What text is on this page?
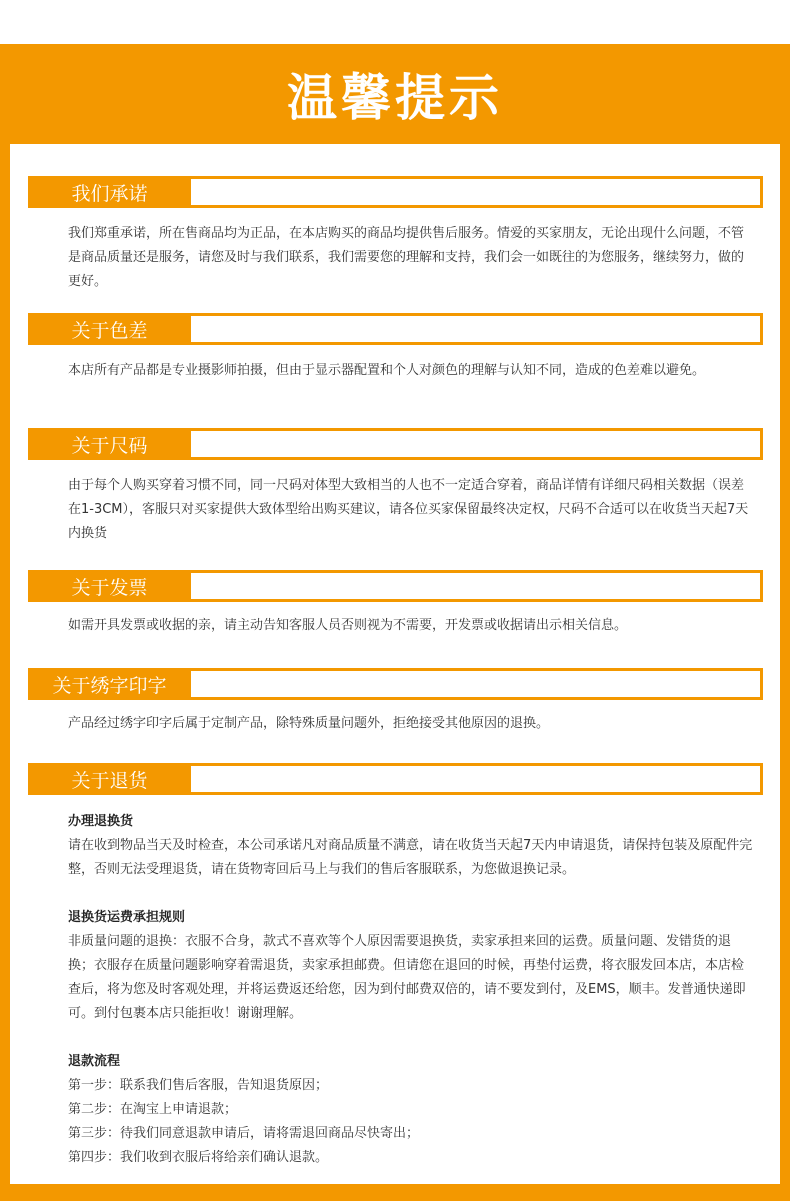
温馨提示
我们承诺
我们郑重承诺，所在售商品均为正品，在本店购买的商品均提供售后服务。情爱的买家朋友，无论出现什么问题，不管是商品质量还是服务，请您及时与我们联系，我们需要您的理解和支持，我们会一如既往的为您服务，继续努力，做的更好。
关于色差
本店所有产品都是专业摄影师拍摄，但由于显示器配置和个人对颜色的理解与认知不同，造成的色差难以避免。
关于尺码
由于每个人购买穿着习惯不同，同一尺码对体型大致相当的人也不一定适合穿着，商品详情有详细尺码相关数据（误差在1-3CM），客服只对买家提供大致体型给出购买建议，请各位买家保留最终决定权，尺码不合适可以在收货当天起7天内换货
关于发票
如需开具发票或收据的亲，请主动告知客服人员否则视为不需要，开发票或收据请出示相关信息。
关于绣字印字
产品经过绣字印字后属于定制产品，除特殊质量问题外，拒绝接受其他原因的退换。
关于退货
办理退换货
请在收到物品当天及时检查，本公司承诺凡对商品质量不满意，请在收货当天起7天内申请退货，请保持包装及原配件完整，否则无法受理退货，请在货物寄回后马上与我们的售后客服联系，为您做退换记录。
退换货运费承担规则
非质量问题的退换：衣服不合身，款式不喜欢等个人原因需要退换货，卖家承担来回的运费。质量问题、发错货的退换；衣服存在质量问题影响穿着需退货，卖家承担邮费。但请您在退回的时候，再垫付运费，将衣服发回本店，本店检查后，将为您及时客观处理，并将运费返还给您，因为到付邮费双倍的，请不要发到付，及EMS，顺丰。发普通快递即可。到付包裹本店只能拒收！谢谢理解。
退款流程
第一步：联系我们售后客服，告知退货原因；
第二步：在淘宝上申请退款；
第三步：待我们同意退款申请后，请将需退回商品尽快寄出；
第四步：我们收到衣服后将给亲们确认退款。
